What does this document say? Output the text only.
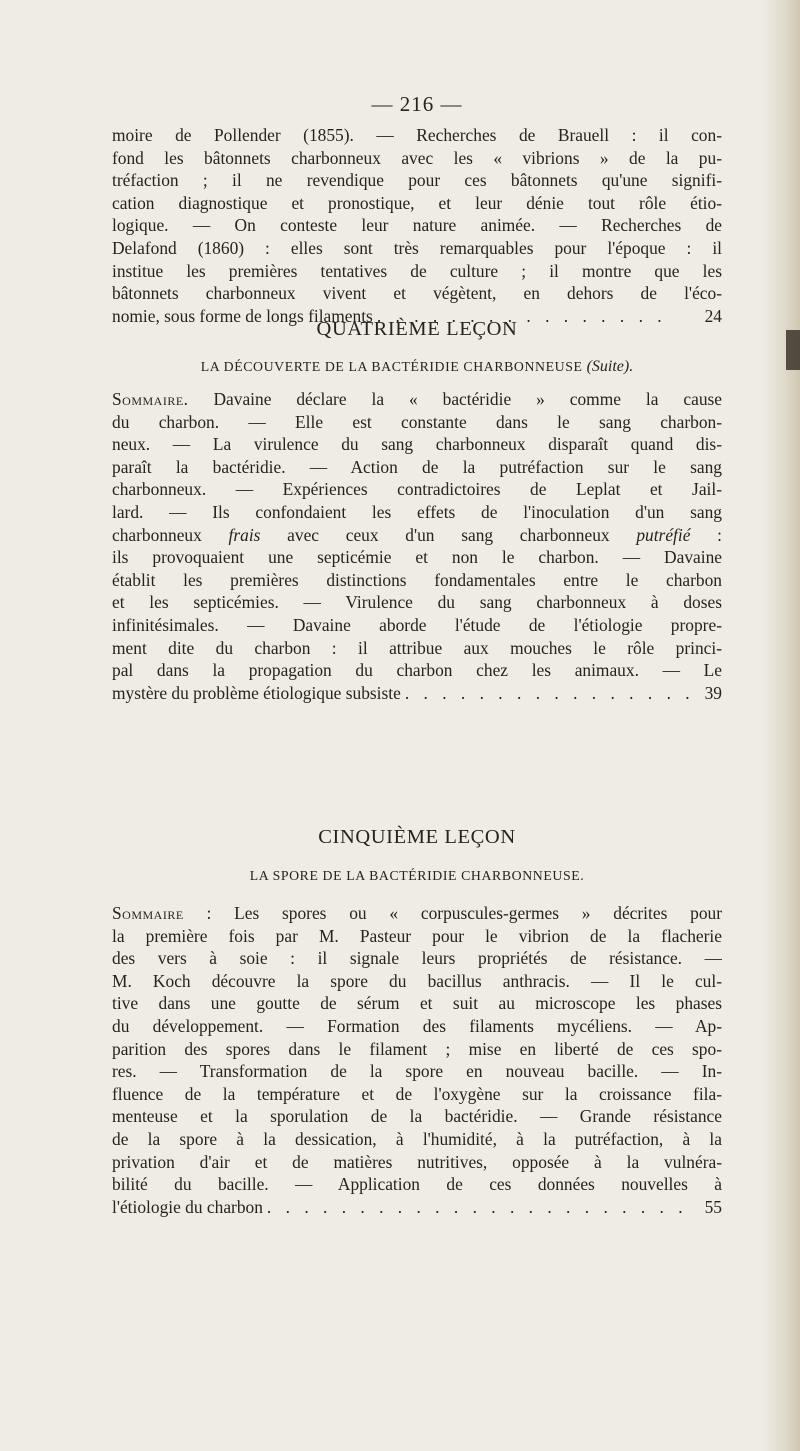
— 216 —
moire de Pollender (1855). — Recherches de Brauell : il con-
fond les bâtonnets charbonneux avec les « vibrions » de la pu-
tréfaction ; il ne revendique pour ces bâtonnets qu'une signifi-
cation diagnostique et pronostique, et leur dénie tout rôle étio-
logique. — On conteste leur nature animée. — Recherches de
Delafond (1860) : elles sont très remarquables pour l'époque : il
institue les premières tentatives de culture ; il montre que les
bâtonnets charbonneux vivent et végètent, en dehors de l'éco-
nomie, sous forme de longs filaments . . . . . . . . . . . . . . . .	24
QUATRIÈME LEÇON
LA DÉCOUVERTE DE LA BACTÉRIDIE CHARBONNEUSE (Suite).
Sommaire. Davaine déclare la « bactéridie » comme la cause
du charbon. — Elle est constante dans le sang charbon-
neux. — La virulence du sang charbonneux disparaît quand dis-
paraît la bactéridie. — Action de la putréfaction sur le sang
charbonneux. — Expériences contradictoires de Leplat et Jail-
lard. — Ils confondaient les effets de l'inoculation d'un sang
charbonneux frais avec ceux d'un sang charbonneux putréfié :
ils provoquaient une septicémie et non le charbon. — Davaine
établit les premières distinctions fondamentales entre le charbon
et les septicémies. — Virulence du sang charbonneux à doses
infinitésimales. — Davaine aborde l'étude de l'étiologie propre-
ment dite du charbon : il attribue aux mouches le rôle princi-
pal dans la propagation du charbon chez les animaux. — Le
mystère du problème étiologique subsiste . . . . . . . . . . . . . . . . 39
CINQUIÈME LEÇON
LA SPORE DE LA BACTÉRIDIE CHARBONNEUSE.
Sommaire : Les spores ou « corpuscules-germes » décrites pour
la première fois par M. Pasteur pour le vibrion de la flacherie
des vers à soie : il signale leurs propriétés de résistance. —
M. Koch découvre la spore du bacillus anthracis. — Il le cul-
tive dans une goutte de sérum et suit au microscope les phases
du développement. — Formation des filaments mycéliens. — Ap-
parition des spores dans le filament ; mise en liberté de ces spo-
res. — Transformation de la spore en nouveau bacille. — In-
fluence de la température et de l'oxygène sur la croissance fila-
menteuse et la sporulation de la bactéridie. — Grande résistance
de la spore à la dessication, à l'humidité, à la putréfaction, à la
privation d'air et de matières nutritives, opposée à la vulnéra-
bilité du bacille. — Application de ces données nouvelles à
l'étiologie du charbon . . . . . . . . . . . . . . . . . . . . . . . 55
